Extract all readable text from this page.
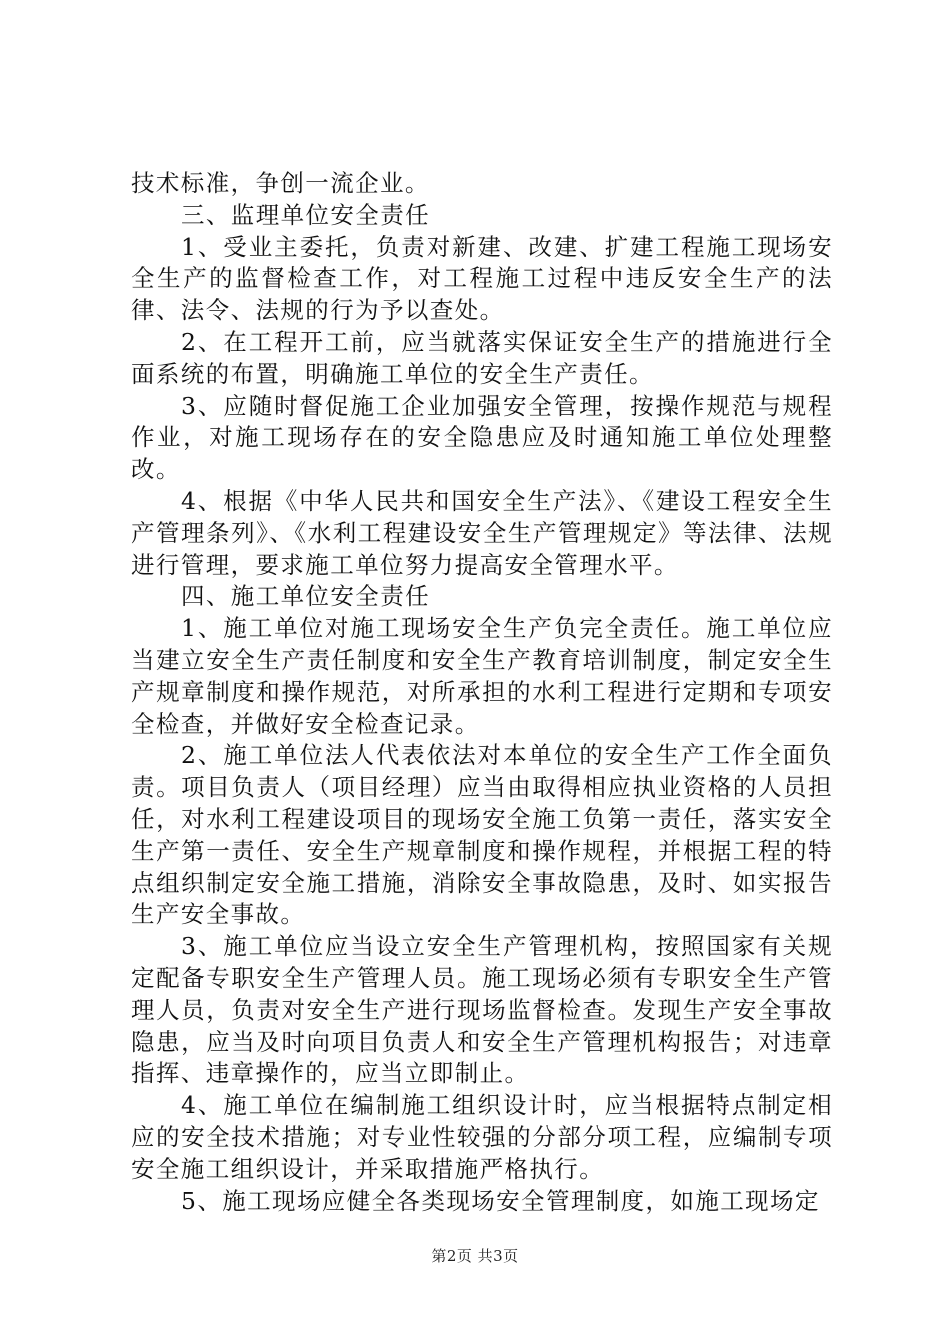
技术标准，争创一流企业。

三、监理单位安全责任

1、受业主委托，负责对新建、改建、扩建工程施工现场安全生产的监督检查工作，对工程施工过程中违反安全生产的法律、法令、法规的行为予以查处。

2、在工程开工前，应当就落实保证安全生产的措施进行全面系统的布置，明确施工单位的安全生产责任。

3、应随时督促施工企业加强安全管理，按操作规范与规程作业，对施工现场存在的安全隐患应及时通知施工单位处理整改。

4、根据《中华人民共和国安全生产法》、《建设工程安全生产管理条列》、《水利工程建设安全生产管理规定》等法律、法规进行管理，要求施工单位努力提高安全管理水平。

四、施工单位安全责任

1、施工单位对施工现场安全生产负完全责任。施工单位应当建立安全生产责任制度和安全生产教育培训制度，制定安全生产规章制度和操作规范，对所承担的水利工程进行定期和专项安全检查，并做好安全检查记录。

2、施工单位法人代表依法对本单位的安全生产工作全面负责。项目负责人（项目经理）应当由取得相应执业资格的人员担任，对水利工程建设项目的现场安全施工负第一责任，落实安全生产第一责任、安全生产规章制度和操作规程，并根据工程的特点组织制定安全施工措施，消除安全事故隐患，及时、如实报告生产安全事故。

3、施工单位应当设立安全生产管理机构，按照国家有关规定配备专职安全生产管理人员。施工现场必须有专职安全生产管理人员，负责对安全生产进行现场监督检查。发现生产安全事故隐患，应当及时向项目负责人和安全生产管理机构报告；对违章指挥、违章操作的，应当立即制止。

4、施工单位在编制施工组织设计时，应当根据特点制定相应的安全技术措施；对专业性较强的分部分项工程，应编制专项安全施工组织设计，并采取措施严格执行。

5、施工现场应健全各类现场安全管理制度，如施工现场定

第2页 共3页
